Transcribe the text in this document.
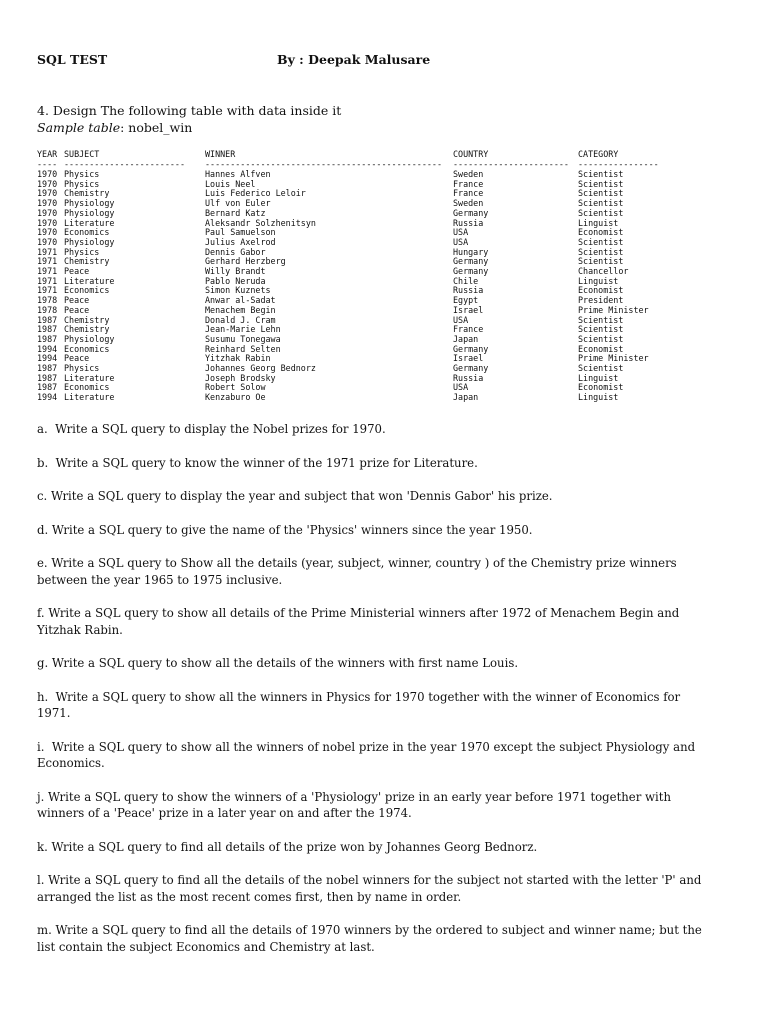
SQL TEST	By : Deepak Malusare
4. Design The following table with data inside it
Sample table: nobel_win
YEAR SUBJECT	WINNER	COUNTRY	CATEGORY
---- ------------------------ ----------------------------------------------- ----------------------- ----------------
1970 Physics	Hannes Alfven	Sweden	Scientist
1970 Physics	Louis Neel	France	Scientist
1970 Chemistry	Luis Federico Leloir	France	Scientist
1970 Physiology	Ulf von Euler	Sweden	Scientist
1970 Physiology	Bernard Katz	Germany	Scientist
1970 Literature	Aleksandr Solzhenitsyn	Russia	Linguist
1970 Economics	Paul Samuelson	USA	Economist
1970 Physiology	Julius Axelrod	USA	Scientist
1971 Physics	Dennis Gabor	Hungary	Scientist
1971 Chemistry	Gerhard Herzberg	Germany	Scientist
1971 Peace	Willy Brandt	Germany	Chancellor
1971 Literature	Pablo Neruda	Chile	Linguist
1971 Economics	Simon Kuznets	Russia	Economist
1978 Peace	Anwar al-Sadat	Egypt	President
1978 Peace	Menachem Begin	Israel	Prime Minister
1987 Chemistry	Donald J. Cram	USA	Scientist
1987 Chemistry	Jean-Marie Lehn	France	Scientist
1987 Physiology	Susumu Tonegawa	Japan	Scientist
1994 Economics	Reinhard Selten	Germany	Economist
1994 Peace	Yitzhak Rabin	Israel	Prime Minister
1987 Physics	Johannes Georg Bednorz	Germany	Scientist
1987 Literature	Joseph Brodsky	Russia	Linguist
1987 Economics	Robert Solow	USA	Economist
1994 Literature	Kenzaburo Oe	Japan	Linguist
a.  Write a SQL query to display the Nobel prizes for 1970.
b.  Write a SQL query to know the winner of the 1971 prize for Literature.
c. Write a SQL query to display the year and subject that won 'Dennis Gabor' his prize.
d. Write a SQL query to give the name of the 'Physics' winners since the year 1950.
e. Write a SQL query to Show all the details (year, subject, winner, country ) of the Chemistry prize winners
between the year 1965 to 1975 inclusive.
f. Write a SQL query to show all details of the Prime Ministerial winners after 1972 of Menachem Begin and
Yitzhak Rabin.
g. Write a SQL query to show all the details of the winners with first name Louis.
h.  Write a SQL query to show all the winners in Physics for 1970 together with the winner of Economics for
1971.
i.  Write a SQL query to show all the winners of nobel prize in the year 1970 except the subject Physiology and
Economics.
j. Write a SQL query to show the winners of a 'Physiology' prize in an early year before 1971 together with
winners of a 'Peace' prize in a later year on and after the 1974.
k. Write a SQL query to find all details of the prize won by Johannes Georg Bednorz.
l. Write a SQL query to find all the details of the nobel winners for the subject not started with the letter 'P' and
arranged the list as the most recent comes first, then by name in order.
m. Write a SQL query to find all the details of 1970 winners by the ordered to subject and winner name; but the
list contain the subject Economics and Chemistry at last.
